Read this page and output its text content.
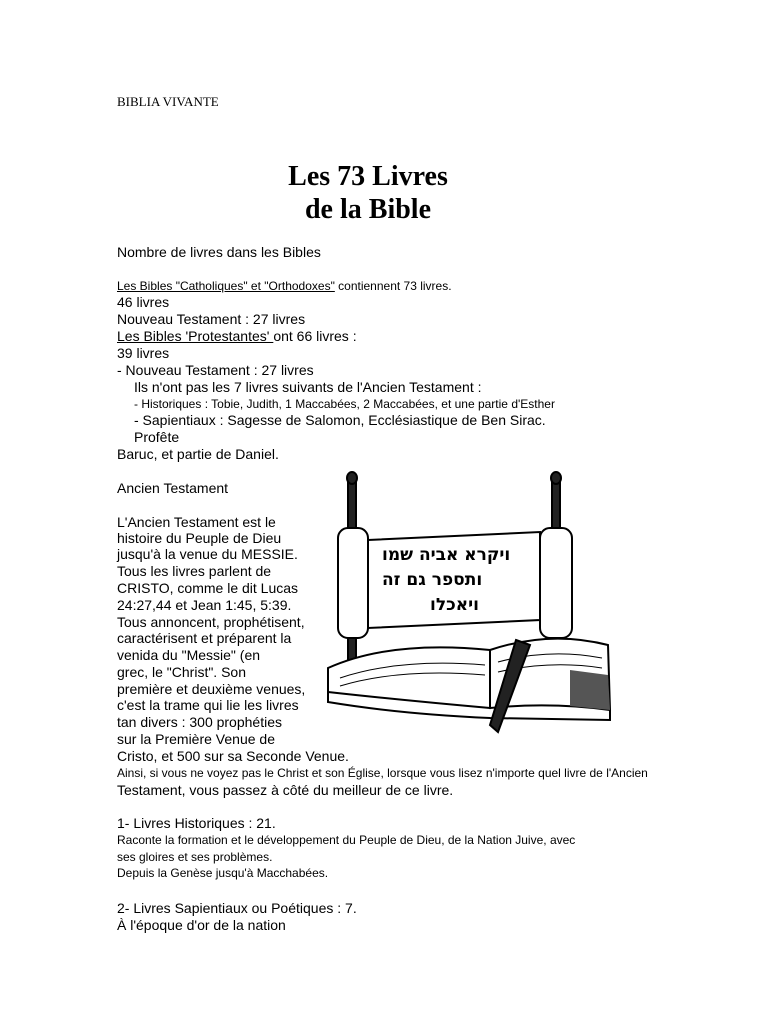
BIBLIA VIVANTE
Les 73 Livres
de la Bible
Nombre de livres dans les Bibles
Les Bibles "Catholiques" et "Orthodoxes" contiennent 73 livres.
46 livres
Nouveau Testament : 27 livres
Les Bibles 'Protestantes' ont 66 livres :
39 livres
- Nouveau Testament : 27 livres
Ils n'ont pas les 7 livres suivants de l'Ancien Testament :
- Historiques : Tobie, Judith, 1 Maccabées, 2 Maccabées, et une partie d'Esther
- Sapientiaux : Sagesse de Salomon, Ecclésiastique de Ben Sirac.
Profête
Baruc, et partie de Daniel.
Ancien Testament
L'Ancien Testament est le
histoire du Peuple de Dieu
jusqu'à la venue du MESSIE.
Tous les livres parlent de
CRISTO, comme le dit Lucas
24:27,44 et Jean 1:45, 5:39.
Tous annoncent, prophétisent,
caractérisent et préparent la
venida du "Messie" (en
grec, le "Christ". Son
première et deuxième venues,
c'est la trame qui lie les livres
tan divers : 300 prophéties
sur la Première Venue de
Cristo, et 500 sur sa Seconde Venue.
Ainsi, si vous ne voyez pas le Christ et son Église, lorsque vous lisez n'importe quel livre de l'Ancien
Testament, vous passez à côté du meilleur de ce livre.
1- Livres Historiques : 21.
Raconte la formation et le développement du Peuple de Dieu, de la Nation Juive, avec
ses gloires et ses problèmes.
Depuis la Genèse jusqu'à Macchabées.
2- Livres Sapientiaux ou Poétiques : 7.
À l'époque d'or de la nation
ויקרא אביה שמו
ותספר גם זה
ויאכלו
